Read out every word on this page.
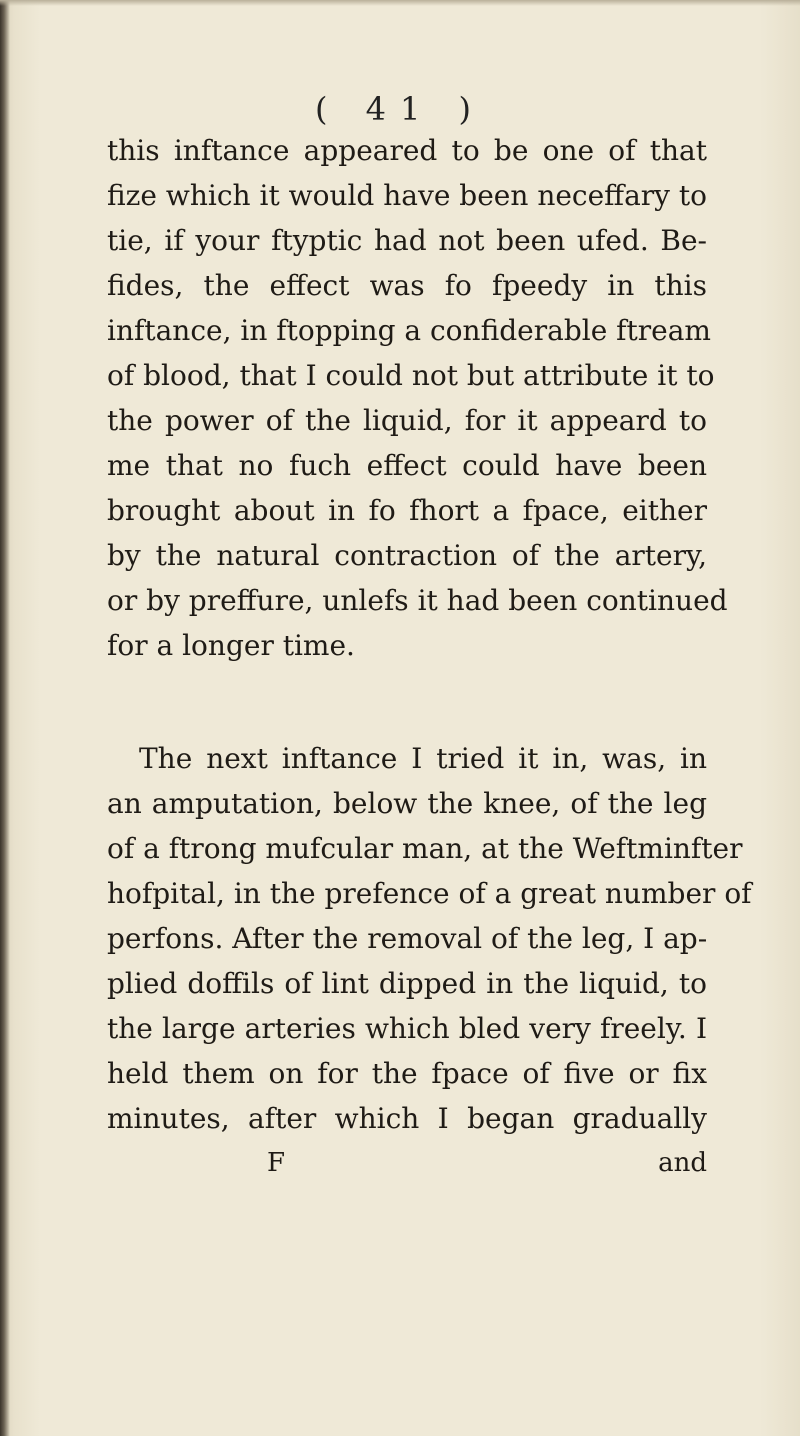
( 41 )
this inftance appeared to be one of that
fize which it would have been neceffary to
tie, if your ftyptic had not been ufed. Be-
fides, the effect was fo fpeedy in this
inftance, in ftopping a confiderable ftream
of blood, that I could not but attribute it to
the power of the liquid, for it appeard to
me that no fuch effect could have been
brought about in fo fhort a fpace, either
by the natural contraction of the artery,
or by preffure, unlefs it had been continued
for a longer time.
The next inftance I tried it in, was, in
an amputation, below the knee, of the leg
of a ftrong mufcular man, at the Weftminfter
hofpital, in the prefence of a great number of
perfons. After the removal of the leg, I ap-
plied doffils of lint dipped in the liquid, to
the large arteries which bled very freely. I
held them on for the fpace of five or fix
minutes, after which I began gradually
F	and
